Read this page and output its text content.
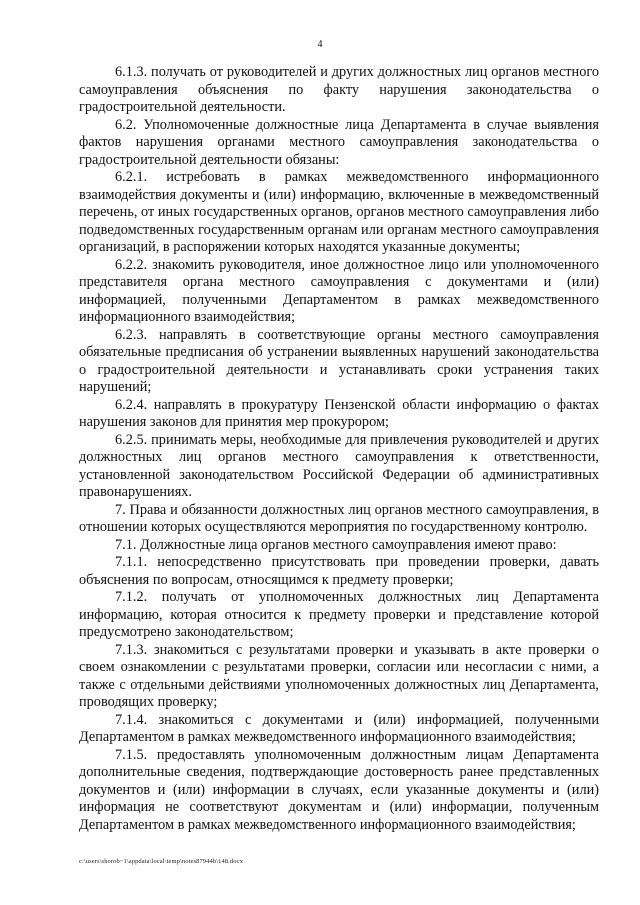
4

6.1.3. получать от руководителей и других должностных лиц органов местного самоуправления объяснения по факту нарушения законодательства о градостроительной деятельности.

6.2. Уполномоченные должностные лица Департамента в случае выявления фактов нарушения органами местного самоуправления законодательства о градостроительной деятельности обязаны:

6.2.1. истребовать в рамках межведомственного информационного взаимодействия документы и (или) информацию, включенные в межведомственный перечень, от иных государственных органов, органов местного самоуправления либо подведомственных государственным органам или органам местного самоуправления организаций, в распоряжении которых находятся указанные документы;

6.2.2. знакомить руководителя, иное должностное лицо или уполномоченного представителя органа местного самоуправления с документами и (или) информацией, полученными Департаментом в рамках межведомственного информационного взаимодействия;

6.2.3. направлять в соответствующие органы местного самоуправления обязательные предписания об устранении выявленных нарушений законодательства о градостроительной деятельности и устанавливать сроки устранения таких нарушений;

6.2.4. направлять в прокуратуру Пензенской области информацию о фактах нарушения законов для принятия мер прокурором;

6.2.5. принимать меры, необходимые для привлечения руководителей и других должностных лиц органов местного самоуправления к ответственности, установленной законодательством Российской Федерации об административных правонарушениях.

7. Права и обязанности должностных лиц органов местного самоуправления, в отношении которых осуществляются мероприятия по государственному контролю.

7.1. Должностные лица органов местного самоуправления имеют право:

7.1.1. непосредственно присутствовать при проведении проверки, давать объяснения по вопросам, относящимся к предмету проверки;

7.1.2. получать от уполномоченных должностных лиц Департамента информацию, которая относится к предмету проверки и представление которой предусмотрено законодательством;

7.1.3. знакомиться с результатами проверки и указывать в акте проверки о своем ознакомлении с результатами проверки, согласии или несогласии с ними, а также с отдельными действиями уполномоченных должностных лиц Департамента, проводящих проверку;

7.1.4. знакомиться с документами и (или) информацией, полученными Департаментом в рамках межведомственного информационного взаимодействия;

7.1.5. предоставлять уполномоченным должностным лицам Департамента дополнительные сведения, подтверждающие достоверность ранее представленных документов и (или) информации в случаях, если указанные документы и (или) информация не соответствуют документам и (или) информации, полученным Департаментом в рамках межведомственного информационного взаимодействия;

c:\users\shorob~1\appdata\local\temp\notes87944b\148.docx
